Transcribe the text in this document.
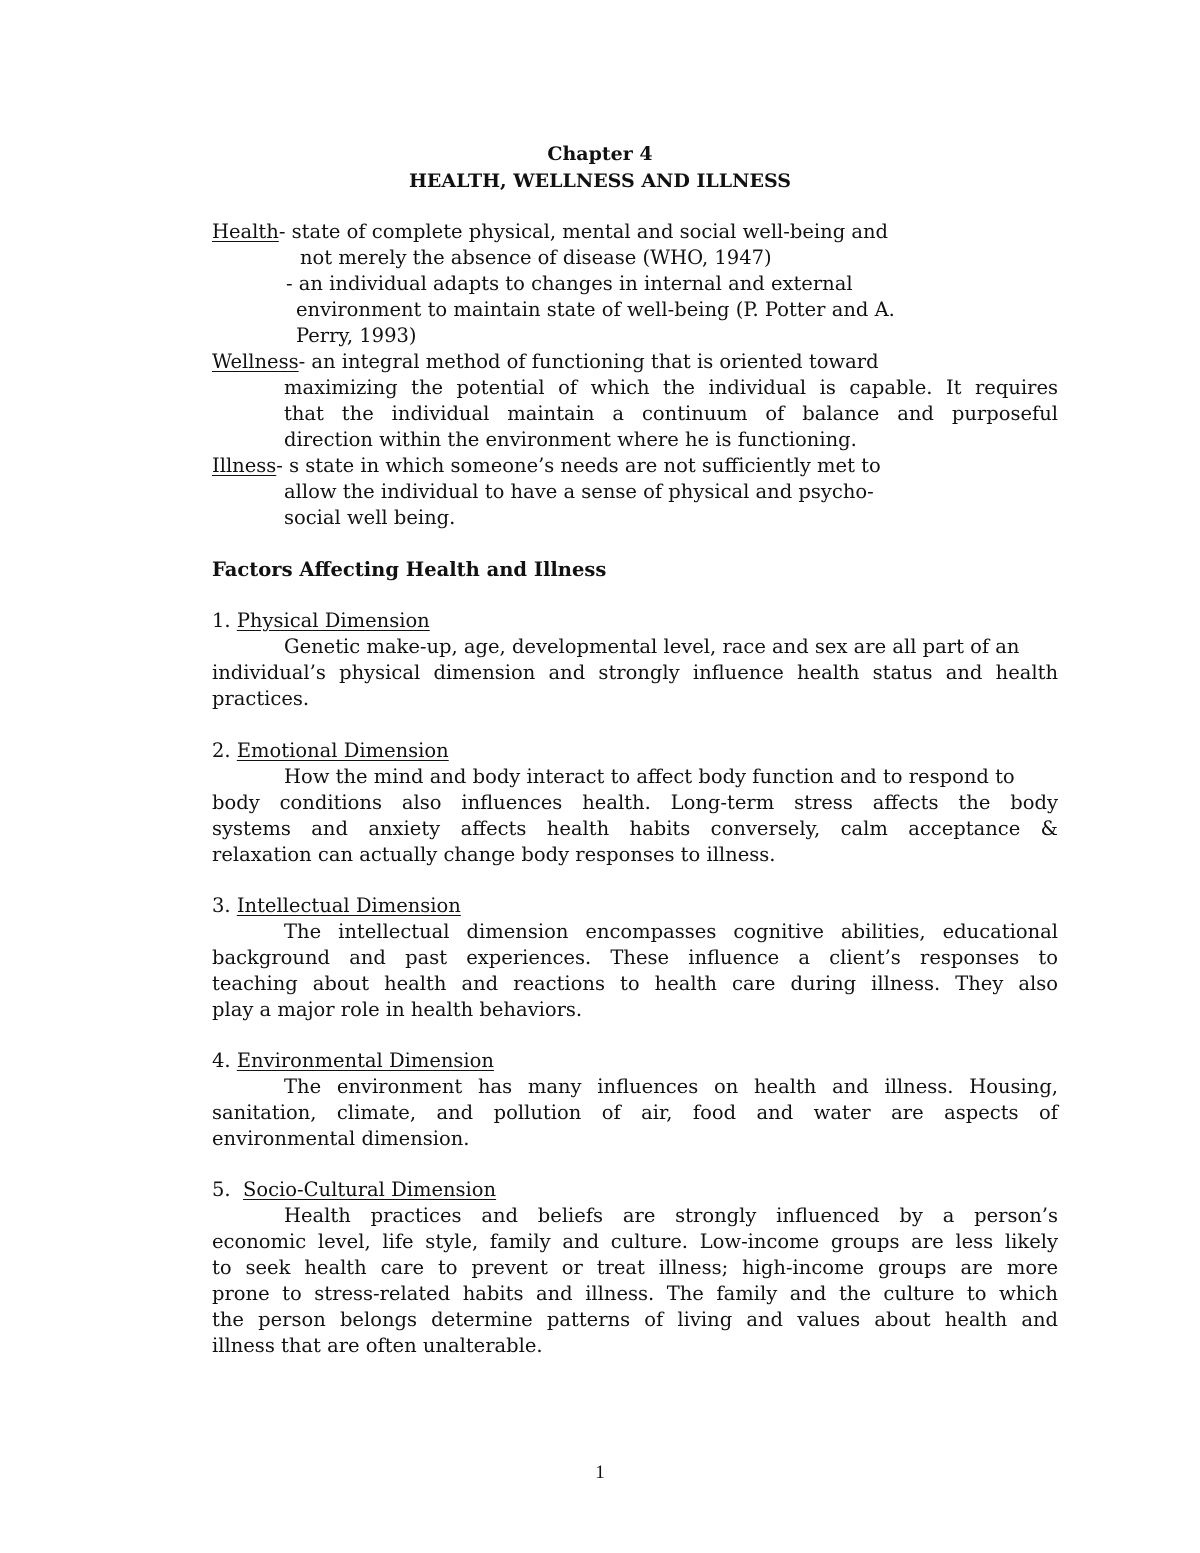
Chapter 4
HEALTH, WELLNESS AND ILLNESS
Health- state of complete physical, mental and social well-being and
not merely the absence of disease (WHO, 1947)
- an individual adapts to changes in internal and external
environment to maintain state of well-being (P. Potter and A.
Perry, 1993)
Wellness- an integral method of functioning that is oriented toward
maximizing the potential of which the individual is capable. It requires
that the individual maintain a continuum of balance and purposeful
direction within the environment where he is functioning.
Illness- s state in which someone’s needs are not sufficiently met to
allow the individual to have a sense of physical and psycho-
social well being.
Factors Affecting Health and Illness
1. Physical Dimension
Genetic make-up, age, developmental level, race and sex are all part of an
individual’s physical dimension and strongly influence health status and health
practices.
2. Emotional Dimension
How the mind and body interact to affect body function and to respond to
body conditions also influences health. Long-term stress affects the body
systems and anxiety affects health habits conversely, calm acceptance &
relaxation can actually change body responses to illness.
3. Intellectual Dimension
The intellectual dimension encompasses cognitive abilities, educational
background and past experiences. These influence a client’s responses to
teaching about health and reactions to health care during illness. They also
play a major role in health behaviors.
4. Environmental Dimension
The environment has many influences on health and illness. Housing,
sanitation, climate, and pollution of air, food and water are aspects of
environmental dimension.
5.  Socio-Cultural Dimension
Health practices and beliefs are strongly influenced by a person’s
economic level, life style, family and culture. Low-income groups are less likely
to seek health care to prevent or treat illness; high-income groups are more
prone to stress-related habits and illness. The family and the culture to which
the person belongs determine patterns of living and values about health and
illness that are often unalterable.
1
